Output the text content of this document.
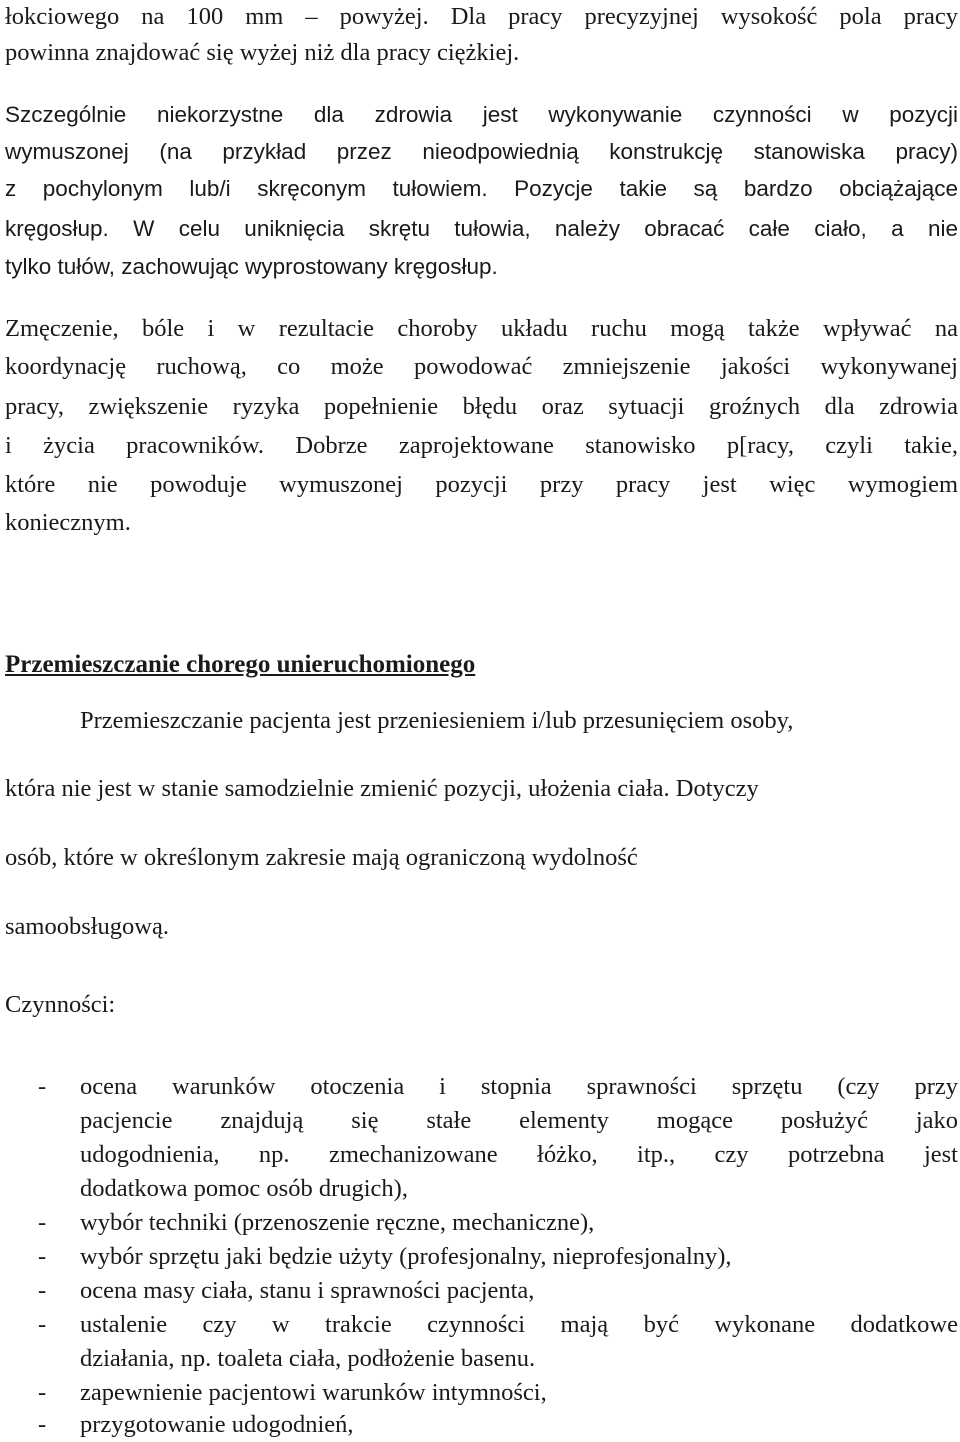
łokciowego na 100 mm – powyżej. Dla pracy precyzyjnej wysokość pola pracy
powinna znajdować się wyżej niż dla pracy ciężkiej.
Szczególnie niekorzystne dla zdrowia jest wykonywanie czynności w pozycji
wymuszonej (na przykład przez nieodpowiednią konstrukcję stanowiska pracy)
z pochylonym lub/i skręconym tułowiem. Pozycje takie są bardzo obciążające
kręgosłup. W celu uniknięcia skrętu tułowia, należy obracać całe ciało, a nie
tylko tułów, zachowując wyprostowany kręgosłup.
Zmęczenie, bóle i w rezultacie choroby układu ruchu mogą także wpływać na
koordynację ruchową, co może powodować zmniejszenie jakości wykonywanej
pracy, zwiększenie ryzyka popełnienie błędu oraz sytuacji groźnych dla zdrowia
i życia pracowników. Dobrze zaprojektowane stanowisko p[racy, czyli takie,
które nie powoduje wymuszonej pozycji przy pracy jest więc wymogiem
koniecznym.
Przemieszczanie chorego unieruchomionego
Przemieszczanie pacjenta jest przeniesieniem i/lub przesunięciem osoby,
która nie jest w stanie samodzielnie zmienić pozycji, ułożenia ciała. Dotyczy
osób, które w określonym zakresie mają ograniczoną wydolność
samoobsługową.
Czynności:
- ocena warunków otoczenia i stopnia sprawności sprzętu (czy przy
pacjencie znajdują się stałe elementy mogące posłużyć jako
udogodnienia, np. zmechanizowane łóżko, itp., czy potrzebna jest
dodatkowa pomoc osób drugich),
- wybór techniki (przenoszenie ręczne, mechaniczne),
- wybór sprzętu jaki będzie użyty (profesjonalny, nieprofesjonalny),
- ocena masy ciała, stanu i sprawności pacjenta,
- ustalenie czy w trakcie czynności mają być wykonane dodatkowe
działania, np. toaleta ciała, podłożenie basenu.
- zapewnienie pacjentowi warunków intymności,
- przygotowanie udogodnień,
